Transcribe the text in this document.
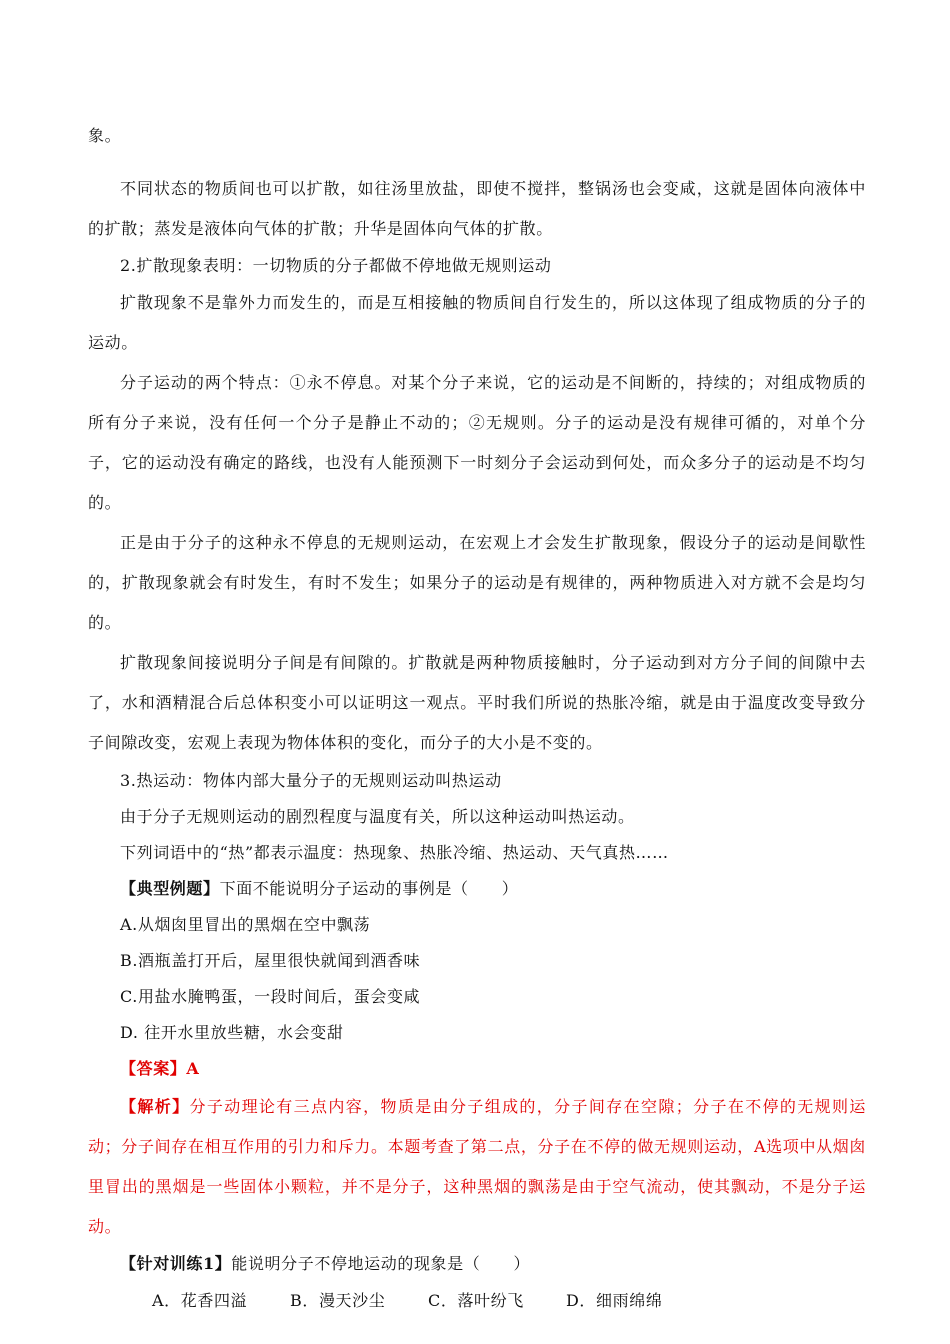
象。

不同状态的物质间也可以扩散，如往汤里放盐，即使不搅拌，整锅汤也会变咸，这就是固体向液体中的扩散；蒸发是液体向气体的扩散；升华是固体向气体的扩散。

2.扩散现象表明：一切物质的分子都做不停地做无规则运动

扩散现象不是靠外力而发生的，而是互相接触的物质间自行发生的，所以这体现了组成物质的分子的运动。

分子运动的两个特点：①永不停息。对某个分子来说，它的运动是不间断的，持续的；对组成物质的所有分子来说，没有任何一个分子是静止不动的；②无规则。分子的运动是没有规律可循的，对单个分子，它的运动没有确定的路线，也没有人能预测下一时刻分子会运动到何处，而众多分子的运动是不均匀的。

正是由于分子的这种永不停息的无规则运动，在宏观上才会发生扩散现象，假设分子的运动是间歇性的，扩散现象就会有时发生，有时不发生；如果分子的运动是有规律的，两种物质进入对方就不会是均匀的。

扩散现象间接说明分子间是有间隙的。扩散就是两种物质接触时，分子运动到对方分子间的间隙中去了，水和酒精混合后总体积变小可以证明这一观点。平时我们所说的热胀冷缩，就是由于温度改变导致分子间隙改变，宏观上表现为物体体积的变化，而分子的大小是不变的。

3.热运动：物体内部大量分子的无规则运动叫热运动

由于分子无规则运动的剧烈程度与温度有关，所以这种运动叫热运动。

下列词语中的“热”都表示温度：热现象、热胀冷缩、热运动、天气真热……

【典型例题】下面不能说明分子运动的事例是（　　）

A.从烟囱里冒出的黑烟在空中飘荡

B.酒瓶盖打开后，屋里很快就闻到酒香味

C.用盐水腌鸭蛋，一段时间后，蛋会变咸

D. 往开水里放些糖，水会变甜

【答案】A

【解析】分子动理论有三点内容，物质是由分子组成的，分子间存在空隙；分子在不停的无规则运动；分子间存在相互作用的引力和斥力。本题考查了第二点，分子在不停的做无规则运动，A选项中从烟囱里冒出的黑烟是一些固体小颗粒，并不是分子，这种黑烟的飘荡是由于空气流动，使其飘动，不是分子运动。

【针对训练1】能说明分子不停地运动的现象是（　　）

A．花香四溢	B．漫天沙尘	C．落叶纷飞	D．细雨绵绵
